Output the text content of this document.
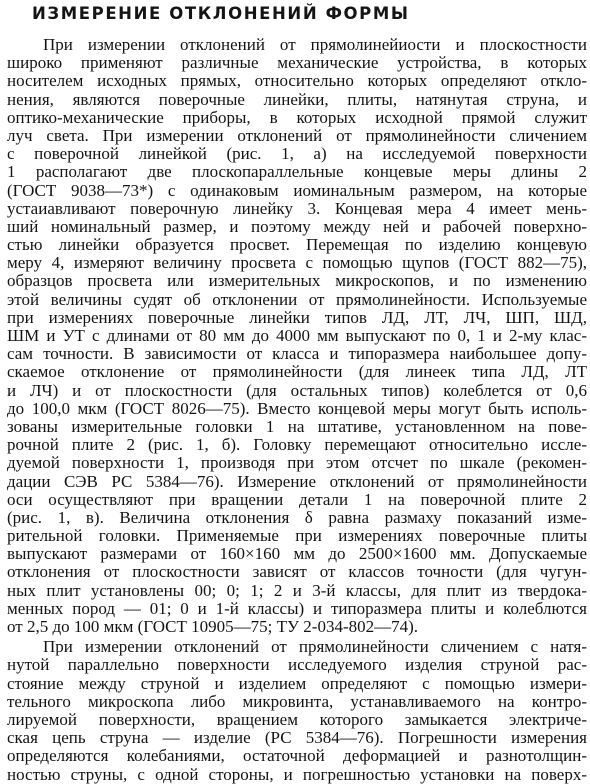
ИЗМЕРЕНИЕ ОТКЛОНЕНИЙ ФОРМЫ
При измерении отклонений от прямолинейиости и плоскостности
широко применяют различные механические устройства, в которых
носителем исходных прямых, относительно которых определяют откло-
нения, являются поверочные линейки, плиты, натянутая струна, и
оптико-механические приборы, в которых исходной прямой служит
луч света. При измерении отклонений от прямолинейности сличением
с поверочной линейкой (рис. 1, а) на исследуемой поверхности
1 располагают две плоскопараллельные концевые меры длины 2
(ГОСТ 9038—73*) с одинаковым иоминальным размером, на которые
устаиавливают поверочную линейку 3. Концевая мера 4 имеет мень-
ший номинальный размер, и поэтому между ней и рабочей поверхно-
стью линейки образуется просвет. Перемещая по изделию концевую
меру 4, измеряют величину просвета с помощью щупов (ГОСТ 882—75),
образцов просвета или измерительных микроскопов, и по изменению
этой величины судят об отклонении от прямолинейности. Используемые
при измерениях поверочные линейки типов ЛД, ЛТ, ЛЧ, ШП, ШД,
ШМ и УТ с длинами от 80 мм до 4000 мм выпускают по 0, 1 и 2-му клас-
сам точности. В зависимости от класса и типоразмера наибольшее допу-
скаемое отклонение от прямолинейности (для линеек типа ЛД, ЛТ
и ЛЧ) и от плоскостности (для остальных типов) колеблется от 0,6
до 100,0 мкм (ГОСТ 8026—75). Вместо концевой меры могут быть исполь-
зованы измерительные головки 1 на штативе, установленном на пове-
рочной плите 2 (рис. 1, б). Головку перемещают относительно иссле-
дуемой поверхности 1, производя при этом отсчет по шкале (рекомен-
дации СЭВ РС 5384—76). Измерение отклонений от прямолинейности
оси осуществляют при вращении детали 1 на поверочной плите 2
(рис. 1, в). Величина отклонения δ равна размаху показаний изме-
рительной головки. Применяемые при измерениях поверочные плиты
выпускают размерами от 160×160 мм до 2500×1600 мм. Допускаемые
отклонения от плоскостности зависят от классов точности (для чугун-
ных плит установлены 00; 0; 1; 2 и 3-й классы, для плит из твердока-
менных пород — 01; 0 и 1-й классы) и типоразмера плиты и колеблются
от 2,5 до 100 мкм (ГОСТ 10905—75; ТУ 2-034-802—74).
При измерении отклонений от прямолинейности сличением с натя-
нутой параллельно поверхности исследуемого изделия струной рас-
стояние между струной и изделием определяют с помощью измери-
тельного микроскопа либо микровинта, устанавливаемого на контро-
лируемой поверхности, вращением которого замыкается электриче-
ская цепь струна — изделие (РС 5384—76). Погрешности измерения
определяются колебаниями, остаточной деформацией и разнотолщин-
ностью струны, с одной стороны, и погрешностью установки на поверх-
